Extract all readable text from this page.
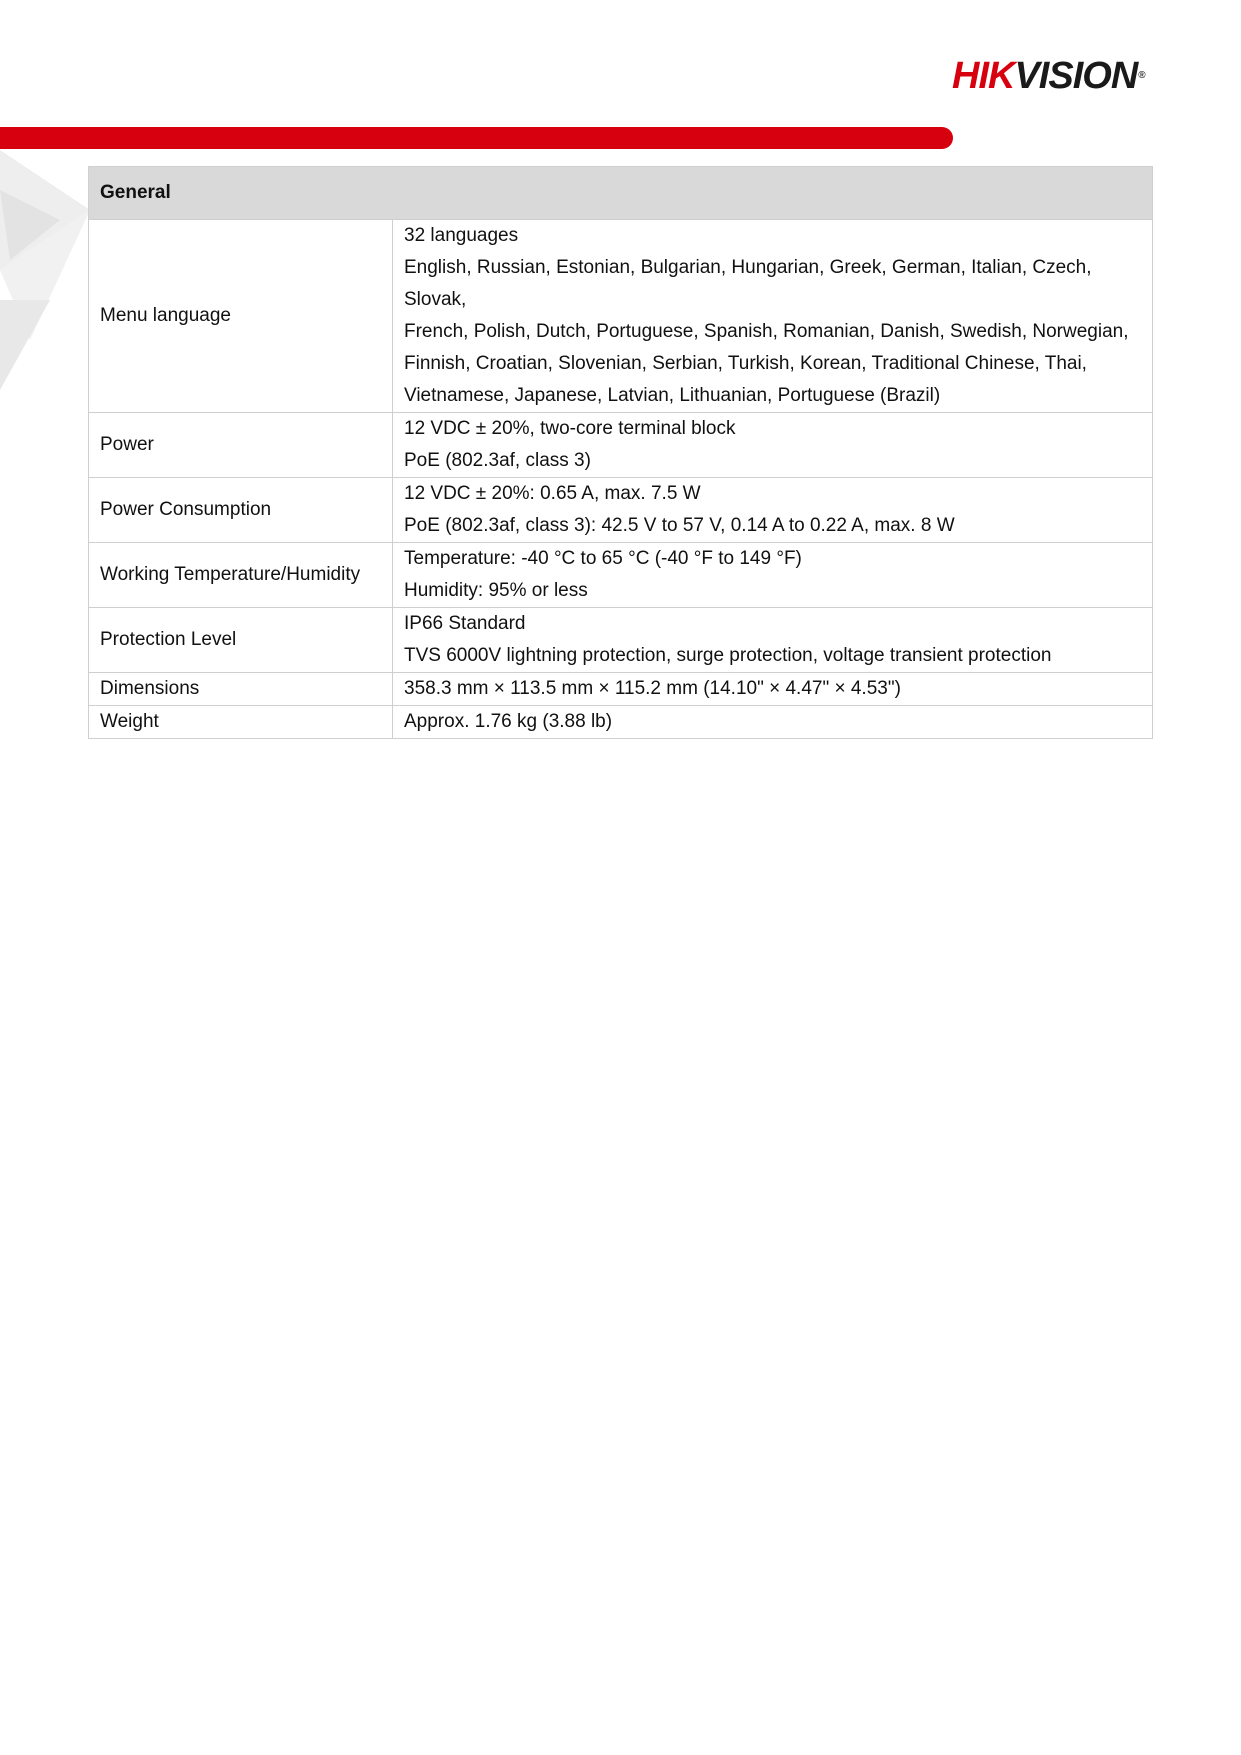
HIKVISION®
General	
Menu language	32 languages
English, Russian, Estonian, Bulgarian, Hungarian, Greek, German, Italian, Czech, Slovak,
French, Polish, Dutch, Portuguese, Spanish, Romanian, Danish, Swedish, Norwegian,
Finnish, Croatian, Slovenian, Serbian, Turkish, Korean, Traditional Chinese, Thai,
Vietnamese, Japanese, Latvian, Lithuanian, Portuguese (Brazil)

Power	12 VDC ± 20%, two-core terminal block
PoE (802.3af, class 3)

Power Consumption	12 VDC ± 20%: 0.65 A, max. 7.5 W
PoE (802.3af, class 3): 42.5 V to 57 V, 0.14 A to 0.22 A, max. 8 W

Working Temperature/Humidity	Temperature: -40 °C to 65 °C (-40 °F to 149 °F)
Humidity: 95% or less

Protection Level	IP66 Standard
TVS 6000V lightning protection, surge protection, voltage transient protection

Dimensions	358.3 mm × 113.5 mm × 115.2 mm (14.10" × 4.47" × 4.53")

Weight	Approx. 1.76 kg (3.88 lb)
